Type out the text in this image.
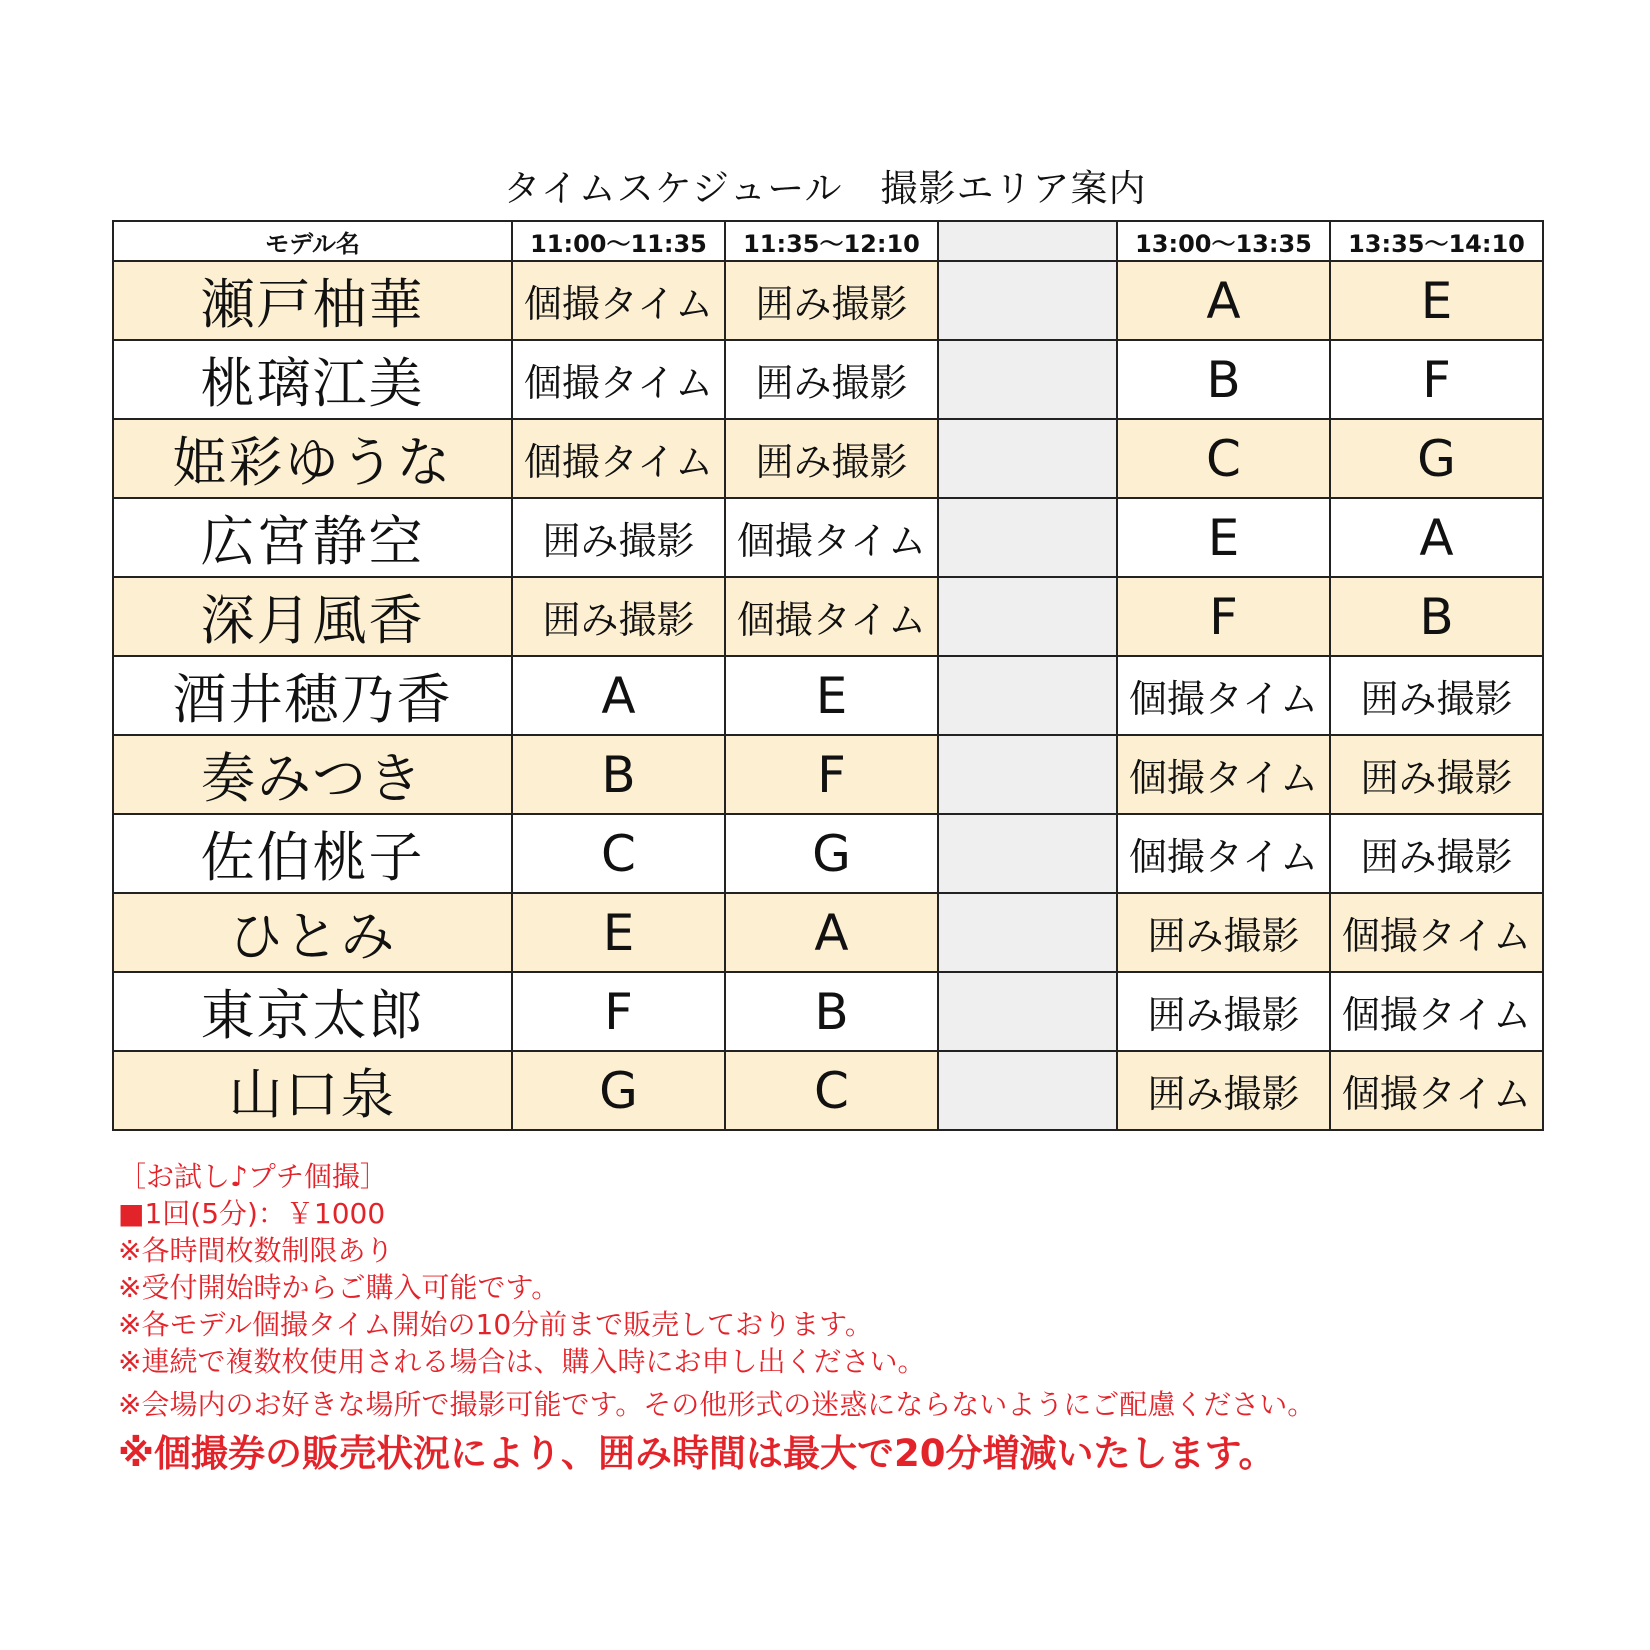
タイムスケジュール　撮影エリア案内
モデル名	11:00〜11:35	11:35〜12:10		13:00〜13:35	13:35〜14:10
瀬戸柚華	個撮タイム	囲み撮影		A	E
桃璃江美	個撮タイム	囲み撮影		B	F
姫彩ゆうな	個撮タイム	囲み撮影		C	G
広宮静空	囲み撮影	個撮タイム		E	A
深月風香	囲み撮影	個撮タイム		F	B
酒井穂乃香	A	E		個撮タイム	囲み撮影
奏みつき	B	F		個撮タイム	囲み撮影
佐伯桃子	C	G		個撮タイム	囲み撮影
ひとみ	E	A		囲み撮影	個撮タイム
東京太郎	F	B		囲み撮影	個撮タイム
山口泉	G	C		囲み撮影	個撮タイム
［お試し♪プチ個撮］
■1回(5分)：￥1000
※各時間枚数制限あり
※受付開始時からご購入可能です。
※各モデル個撮タイム開始の10分前まで販売しております。
※連続で複数枚使用される場合は、購入時にお申し出ください。
※会場内のお好きな場所で撮影可能です。その他形式の迷惑にならないようにご配慮ください。
※個撮券の販売状況により、囲み時間は最大で20分増減いたします。
